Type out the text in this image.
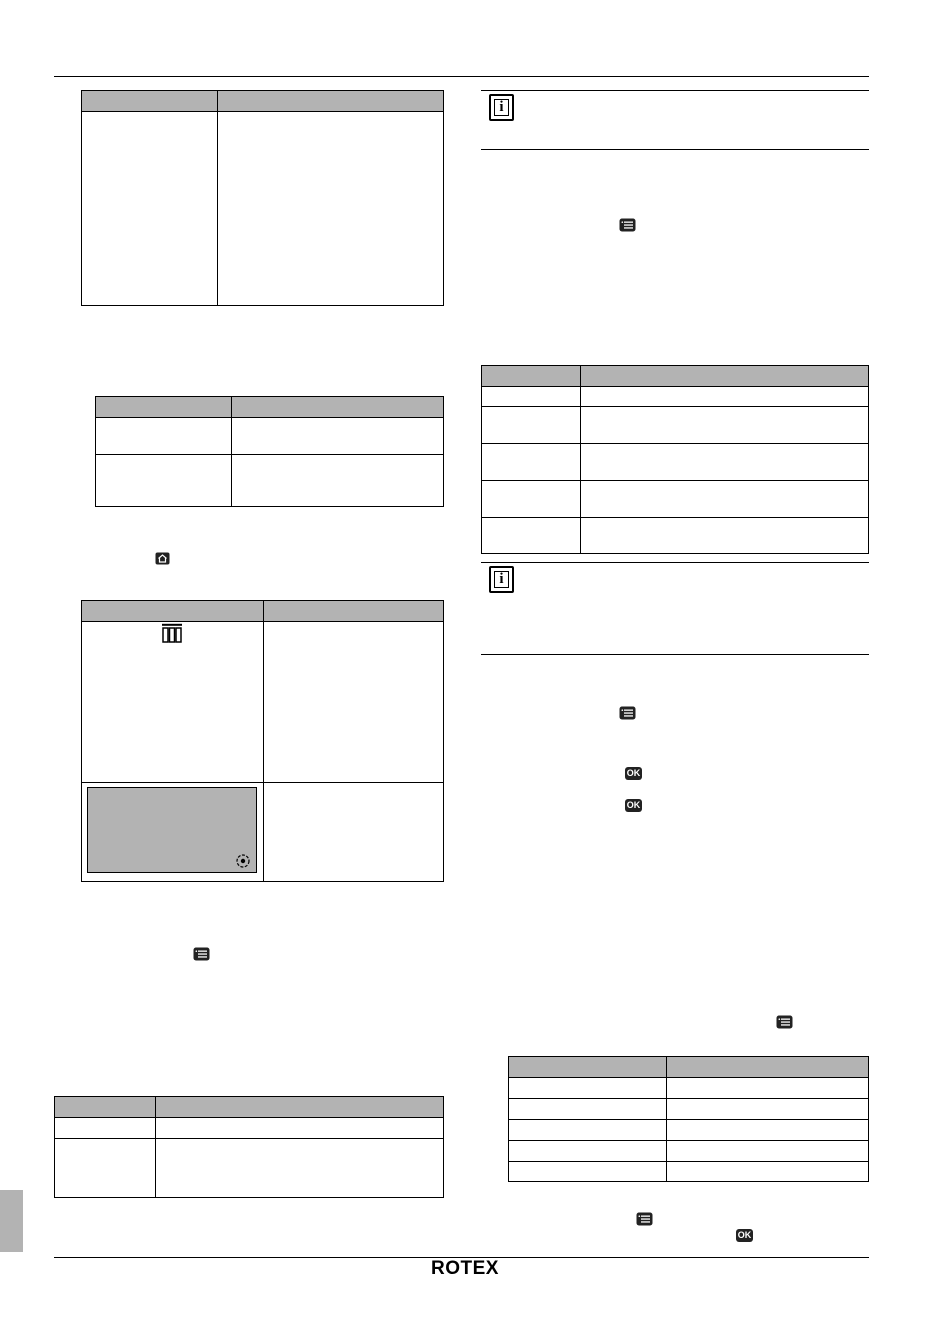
i
i
OK
OK
OK
ROTEX
